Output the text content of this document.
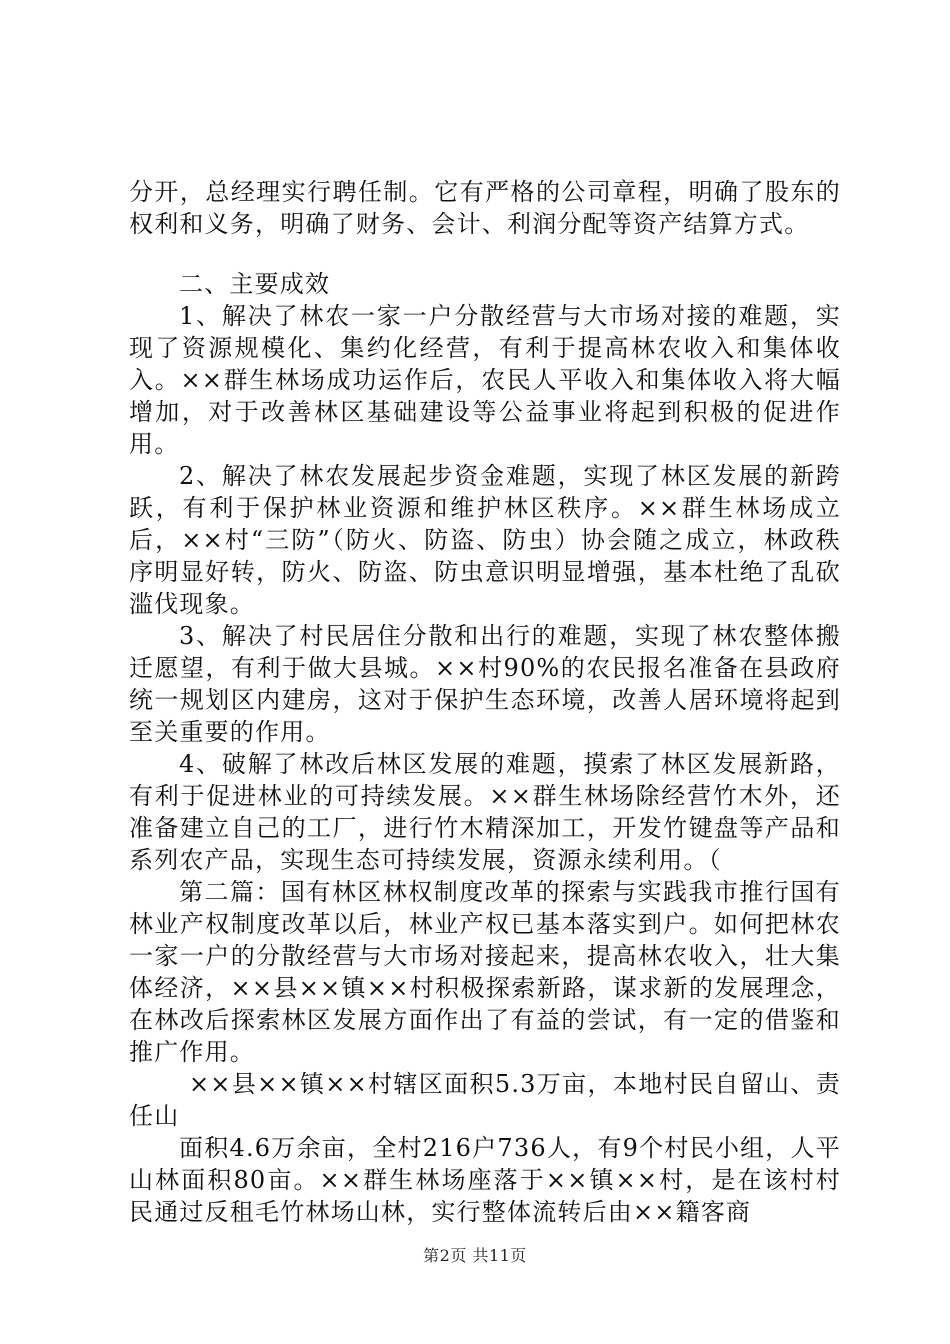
分开，总经理实行聘任制。它有严格的公司章程，明确了股东的权利和义务，明确了财务、会计、利润分配等资产结算方式。

二、主要成效

1、解决了林农一家一户分散经营与大市场对接的难题，实现了资源规模化、集约化经营，有利于提高林农收入和集体收入。××群生林场成功运作后，农民人平收入和集体收入将大幅增加，对于改善林区基础建设等公益事业将起到积极的促进作用。

2、解决了林农发展起步资金难题，实现了林区发展的新跨跃，有利于保护林业资源和维护林区秩序。××群生林场成立后，××村“三防”（防火、防盗、防虫）协会随之成立，林政秩序明显好转，防火、防盗、防虫意识明显增强，基本杜绝了乱砍滥伐现象。

3、解决了村民居住分散和出行的难题，实现了林农整体搬迁愿望，有利于做大县城。××村90%的农民报名准备在县政府统一规划区内建房，这对于保护生态环境，改善人居环境将起到至关重要的作用。

4、破解了林改后林区发展的难题，摸索了林区发展新路，有利于促进林业的可持续发展。××群生林场除经营竹木外，还准备建立自己的工厂，进行竹木精深加工，开发竹键盘等产品和系列农产品，实现生态可持续发展，资源永续利用。（

第二篇：国有林区林权制度改革的探索与实践我市推行国有林业产权制度改革以后，林业产权已基本落实到户。如何把林农一家一户的分散经营与大市场对接起来，提高林农收入，壮大集体经济，××县××镇××村积极探索新路，谋求新的发展理念，在林改后探索林区发展方面作出了有益的尝试，有一定的借鉴和推广作用。

××县××镇××村辖区面积5.3万亩，本地村民自留山、责任山

面积4.6万余亩，全村216户736人，有9个村民小组，人平山林面积80亩。××群生林场座落于××镇××村，是在该村村民通过反租毛竹林场山林，实行整体流转后由××籍客商

第2页 共11页
